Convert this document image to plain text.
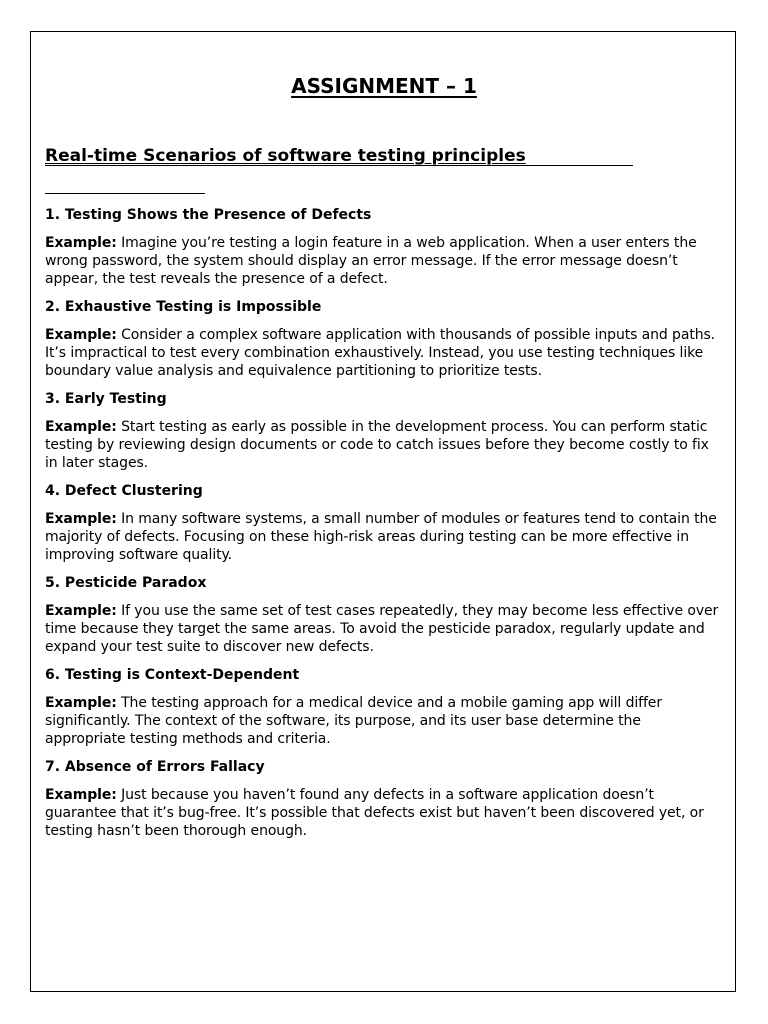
ASSIGNMENT – 1
Real-time Scenarios of software testing principles

1. Testing Shows the Presence of Defects

Example: Imagine you’re testing a login feature in a web application. When a user enters the wrong password, the system should display an error message. If the error message doesn’t appear, the test reveals the presence of a defect.

2. Exhaustive Testing is Impossible

Example: Consider a complex software application with thousands of possible inputs and paths. It’s impractical to test every combination exhaustively. Instead, you use testing techniques like boundary value analysis and equivalence partitioning to prioritize tests.

3. Early Testing

Example: Start testing as early as possible in the development process. You can perform static testing by reviewing design documents or code to catch issues before they become costly to fix in later stages.

4. Defect Clustering

Example: In many software systems, a small number of modules or features tend to contain the majority of defects. Focusing on these high-risk areas during testing can be more effective in improving software quality.

5. Pesticide Paradox

Example: If you use the same set of test cases repeatedly, they may become less effective over time because they target the same areas. To avoid the pesticide paradox, regularly update and expand your test suite to discover new defects.

6. Testing is Context-Dependent

Example: The testing approach for a medical device and a mobile gaming app will differ significantly. The context of the software, its purpose, and its user base determine the appropriate testing methods and criteria.

7. Absence of Errors Fallacy

Example: Just because you haven’t found any defects in a software application doesn’t guarantee that it’s bug-free. It’s possible that defects exist but haven’t been discovered yet, or testing hasn’t been thorough enough.
